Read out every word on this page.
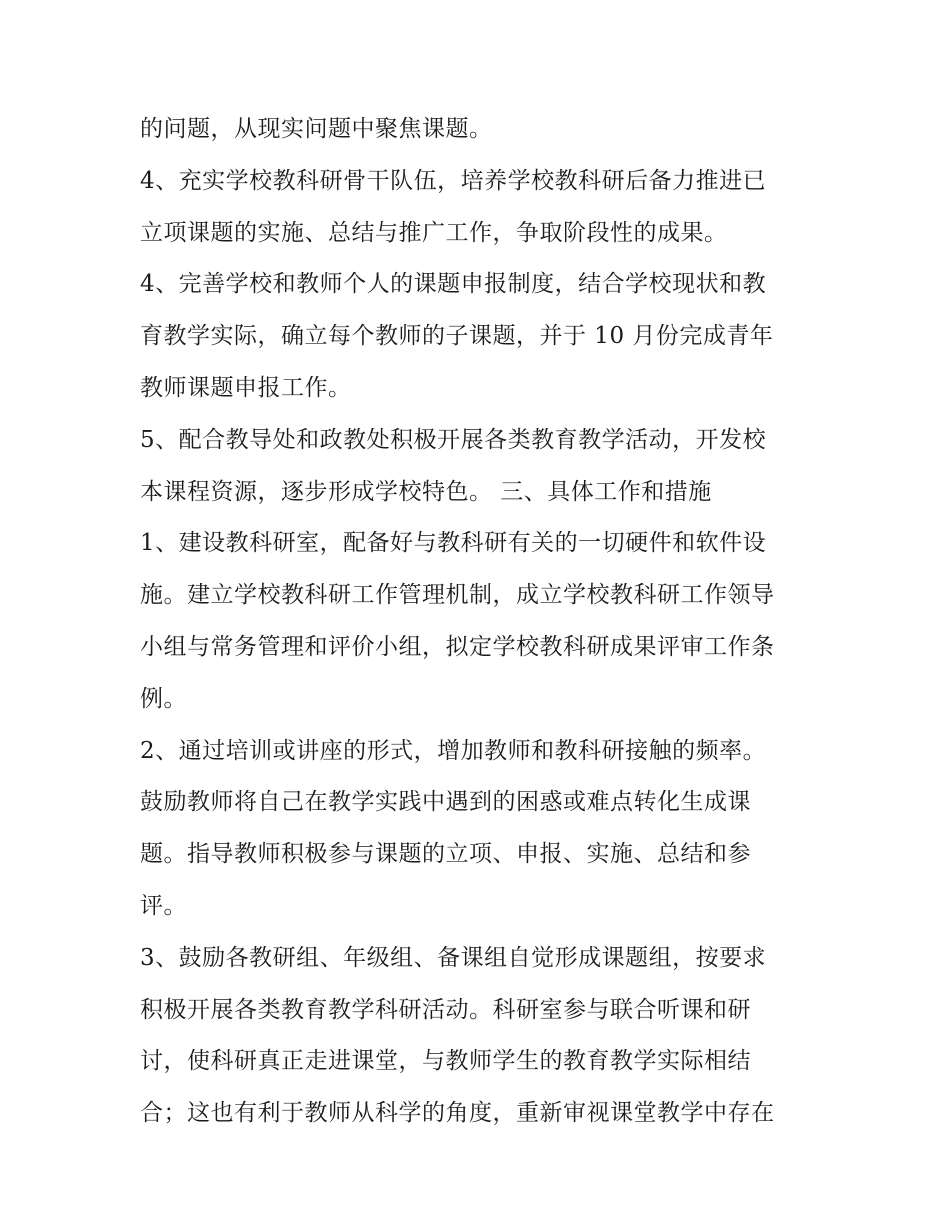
的问题，从现实问题中聚焦课题。
4、充实学校教科研骨干队伍，培养学校教科研后备力推进已
立项课题的实施、总结与推广工作，争取阶段性的成果。
4、完善学校和教师个人的课题申报制度，结合学校现状和教
育教学实际，确立每个教师的子课题，并于 10 月份完成青年
教师课题申报工作。
5、配合教导处和政教处积极开展各类教育教学活动，开发校
本课程资源，逐步形成学校特色。 三、具体工作和措施
1、建设教科研室，配备好与教科研有关的一切硬件和软件设
施。建立学校教科研工作管理机制，成立学校教科研工作领导
小组与常务管理和评价小组，拟定学校教科研成果评审工作条
例。
2、通过培训或讲座的形式，增加教师和教科研接触的频率。
鼓励教师将自己在教学实践中遇到的困惑或难点转化生成课
题。指导教师积极参与课题的立项、申报、实施、总结和参
评。
3、鼓励各教研组、年级组、备课组自觉形成课题组，按要求
积极开展各类教育教学科研活动。科研室参与联合听课和研
讨，使科研真正走进课堂，与教师学生的教育教学实际相结
合；这也有利于教师从科学的角度，重新审视课堂教学中存在
